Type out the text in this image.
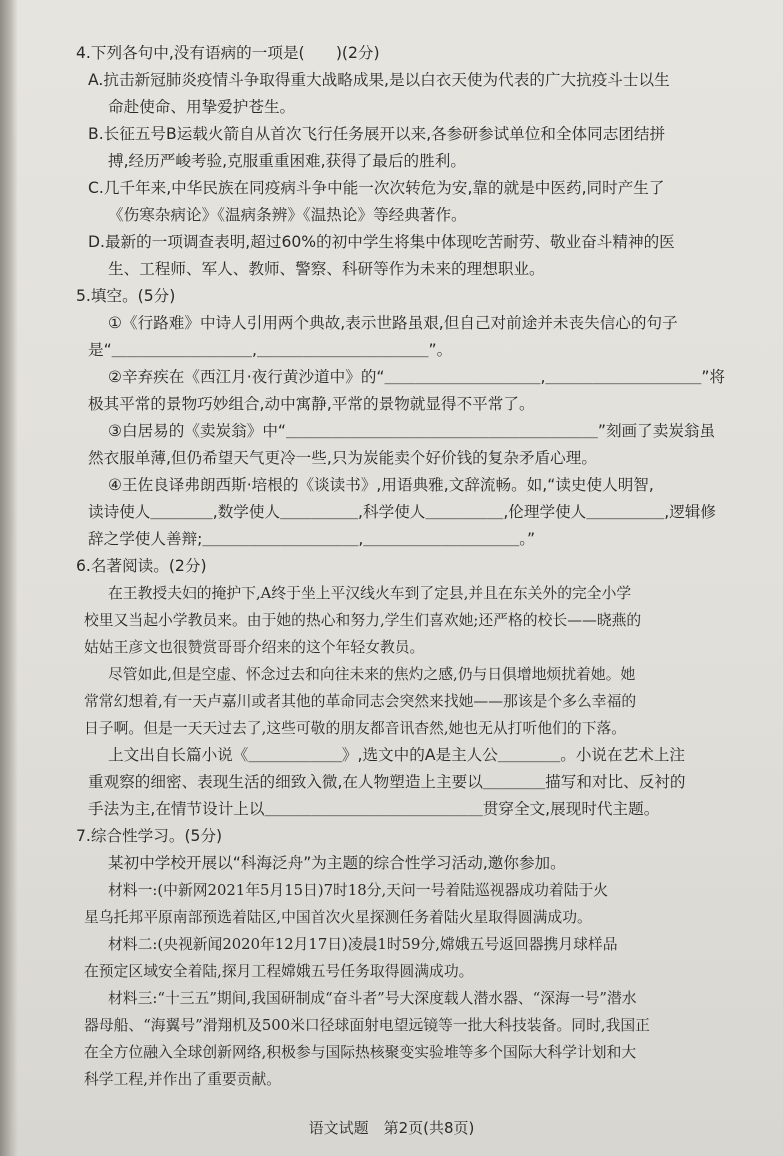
4.下列各句中,没有语病的一项是(　　)(2分)
A.抗击新冠肺炎疫情斗争取得重大战略成果,是以白衣天使为代表的广大抗疫斗士以生
命赴使命、用挚爱护苍生。
B.长征五号B运载火箭自从首次飞行任务展开以来,各参研参试单位和全体同志团结拼
搏,经历严峻考验,克服重重困难,获得了最后的胜利。
C.几千年来,中华民族在同疫病斗争中能一次次转危为安,靠的就是中医药,同时产生了
《伤寒杂病论》《温病条辨》《温热论》等经典著作。
D.最新的一项调查表明,超过60%的初中学生将集中体现吃苦耐劳、敬业奋斗精神的医
生、工程师、军人、教师、警察、科研等作为未来的理想职业。
5.填空。(5分)
①《行路难》中诗人引用两个典故,表示世路虽艰,但自己对前途并未丧失信心的句子
是“＿＿＿＿＿＿＿＿＿,＿＿＿＿＿＿＿＿＿＿＿”。
②辛弃疾在《西江月·夜行黄沙道中》的“＿＿＿＿＿＿＿＿＿＿,＿＿＿＿＿＿＿＿＿＿”将
极其平常的景物巧妙组合,动中寓静,平常的景物就显得不平常了。
③白居易的《卖炭翁》中“＿＿＿＿＿＿＿＿＿＿＿＿＿＿＿＿＿＿＿＿”刻画了卖炭翁虽
然衣服单薄,但仍希望天气更冷一些,只为炭能卖个好价钱的复杂矛盾心理。
④王佐良译弗朗西斯·培根的《谈读书》,用语典雅,文辞流畅。如,“读史使人明智,
读诗使人＿＿＿＿,数学使人＿＿＿＿＿,科学使人＿＿＿＿＿,伦理学使人＿＿＿＿＿,逻辑修
辞之学使人善辩;＿＿＿＿＿＿＿＿＿＿,＿＿＿＿＿＿＿＿＿＿。”
6.名著阅读。(2分)
在王教授夫妇的掩护下,A终于坐上平汉线火车到了定县,并且在东关外的完全小学
校里又当起小学教员来。由于她的热心和努力,学生们喜欢她;还严格的校长——晓燕的
姑姑王彦文也很赞赏哥哥介绍来的这个年轻女教员。
尽管如此,但是空虚、怀念过去和向往未来的焦灼之感,仍与日俱增地烦扰着她。她
常常幻想着,有一天卢嘉川或者其他的革命同志会突然来找她——那该是个多么幸福的
日子啊。但是一天天过去了,这些可敬的朋友都音讯杳然,她也无从打听他们的下落。
上文出自长篇小说《＿＿＿＿＿＿》,选文中的A是主人公＿＿＿＿。小说在艺术上注
重观察的细密、表现生活的细致入微,在人物塑造上主要以＿＿＿＿描写和对比、反衬的
手法为主,在情节设计上以＿＿＿＿＿＿＿＿＿＿＿＿＿＿贯穿全文,展现时代主题。
7.综合性学习。(5分)
某初中学校开展以“科海泛舟”为主题的综合性学习活动,邀你参加。
材料一:(中新网2021年5月15日)7时18分,天问一号着陆巡视器成功着陆于火
星乌托邦平原南部预选着陆区,中国首次火星探测任务着陆火星取得圆满成功。
材料二:(央视新闻2020年12月17日)凌晨1时59分,嫦娥五号返回器携月球样品
在预定区域安全着陆,探月工程嫦娥五号任务取得圆满成功。
材料三:“十三五”期间,我国研制成“奋斗者”号大深度载人潜水器、“深海一号”潜水
器母船、“海翼号”滑翔机及500米口径球面射电望远镜等一批大科技装备。同时,我国正
在全方位融入全球创新网络,积极参与国际热核聚变实验堆等多个国际大科学计划和大
科学工程,并作出了重要贡献。
语文试题　第2页(共8页)
